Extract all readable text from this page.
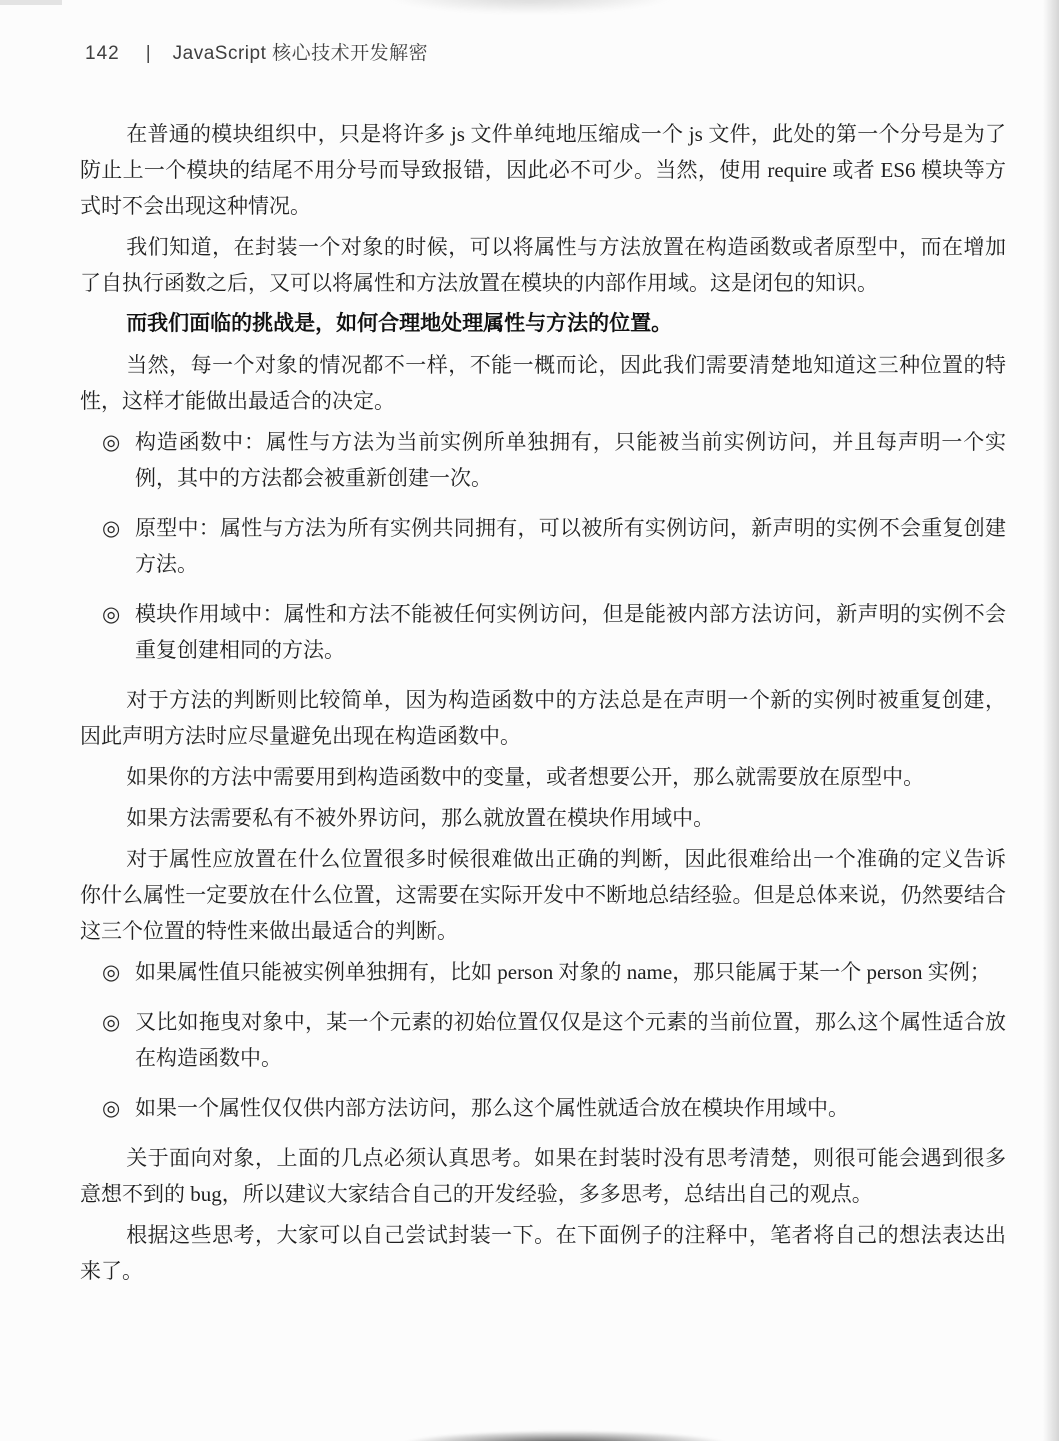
142 | JavaScript 核心技术开发解密

在普通的模块组织中，只是将许多 js 文件单纯地压缩成一个 js 文件，此处的第一个分号是为了防止上一个模块的结尾不用分号而导致报错，因此必不可少。当然，使用 require 或者 ES6 模块等方式时不会出现这种情况。

我们知道，在封装一个对象的时候，可以将属性与方法放置在构造函数或者原型中，而在增加了自执行函数之后，又可以将属性和方法放置在模块的内部作用域。这是闭包的知识。

而我们面临的挑战是，如何合理地处理属性与方法的位置。

当然，每一个对象的情况都不一样，不能一概而论，因此我们需要清楚地知道这三种位置的特性，这样才能做出最适合的决定。

◎ 构造函数中：属性与方法为当前实例所单独拥有，只能被当前实例访问，并且每声明一个实例，其中的方法都会被重新创建一次。
◎ 原型中：属性与方法为所有实例共同拥有，可以被所有实例访问，新声明的实例不会重复创建方法。
◎ 模块作用域中：属性和方法不能被任何实例访问，但是能被内部方法访问，新声明的实例不会重复创建相同的方法。

对于方法的判断则比较简单，因为构造函数中的方法总是在声明一个新的实例时被重复创建，因此声明方法时应尽量避免出现在构造函数中。

如果你的方法中需要用到构造函数中的变量，或者想要公开，那么就需要放在原型中。

如果方法需要私有不被外界访问，那么就放置在模块作用域中。

对于属性应放置在什么位置很多时候很难做出正确的判断，因此很难给出一个准确的定义告诉你什么属性一定要放在什么位置，这需要在实际开发中不断地总结经验。但是总体来说，仍然要结合这三个位置的特性来做出最适合的判断。

◎ 如果属性值只能被实例单独拥有，比如 person 对象的 name，那只能属于某一个 person 实例；
◎ 又比如拖曳对象中，某一个元素的初始位置仅仅是这个元素的当前位置，那么这个属性适合放在构造函数中。
◎ 如果一个属性仅仅供内部方法访问，那么这个属性就适合放在模块作用域中。

关于面向对象，上面的几点必须认真思考。如果在封装时没有思考清楚，则很可能会遇到很多意想不到的 bug，所以建议大家结合自己的开发经验，多多思考，总结出自己的观点。

根据这些思考，大家可以自己尝试封装一下。在下面例子的注释中，笔者将自己的想法表达出来了。
